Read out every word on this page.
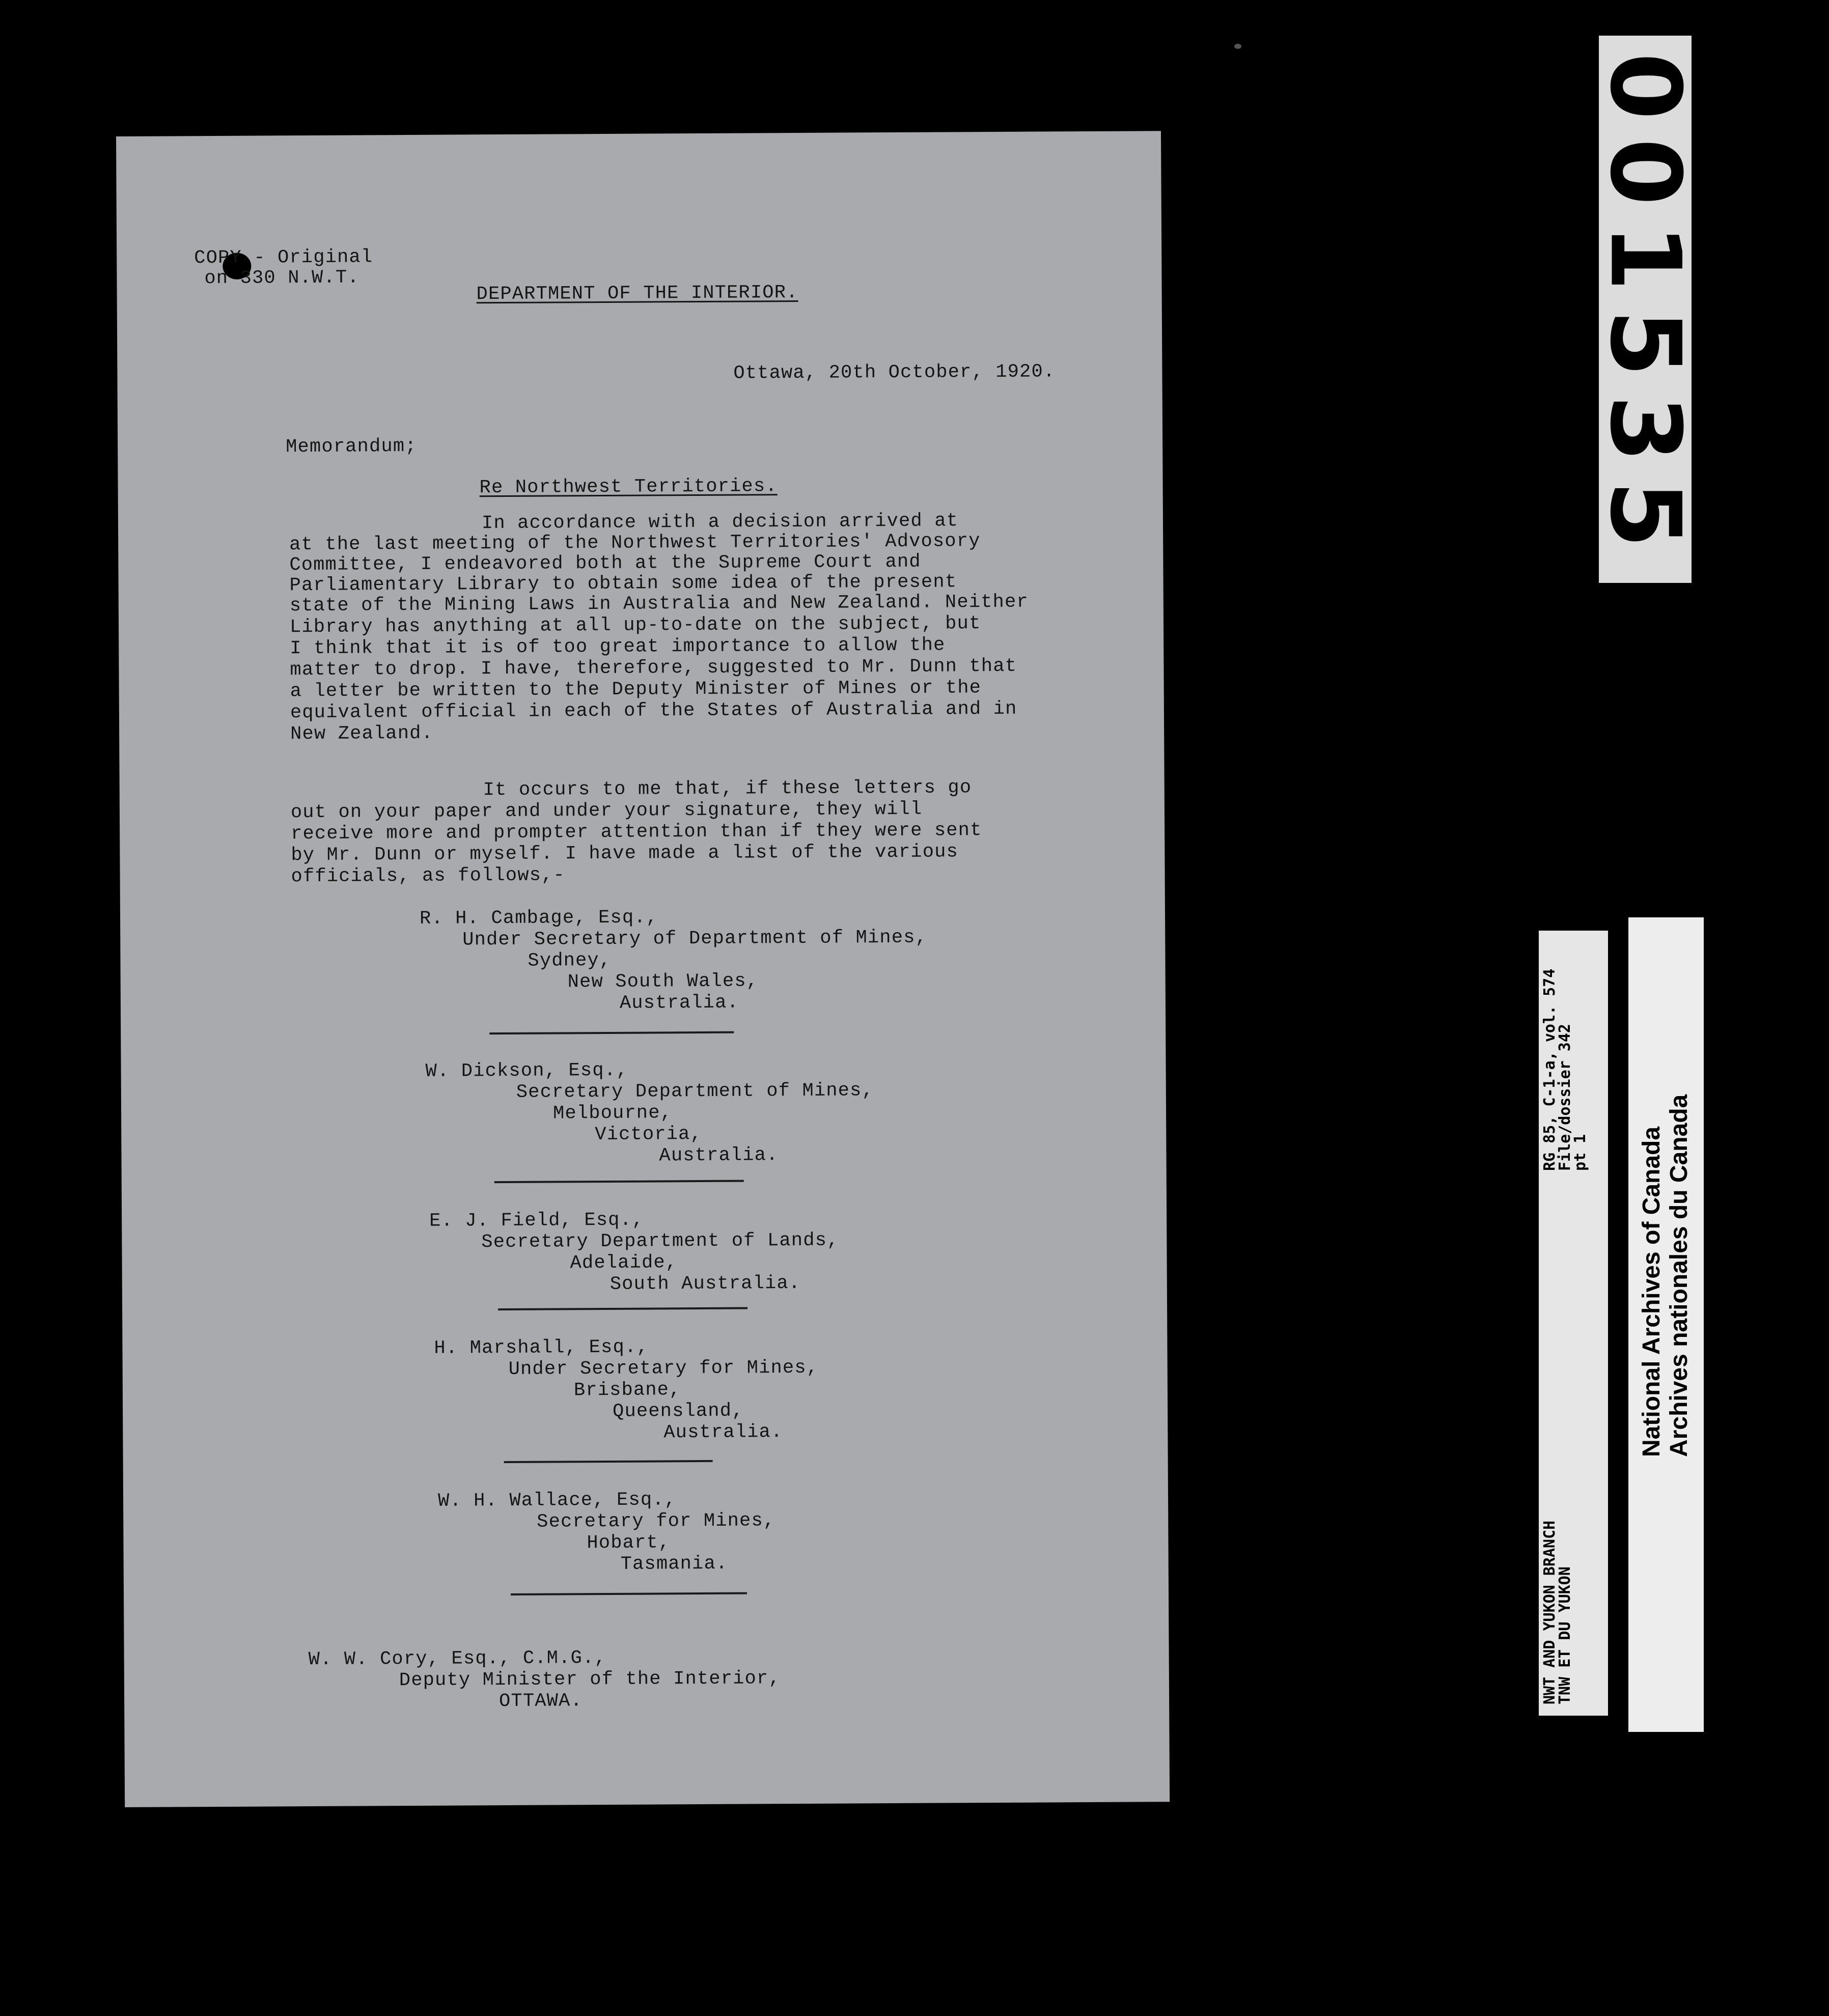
COPY - Original
on 330 N.W.T.
DEPARTMENT OF THE INTERIOR.
Ottawa, 20th October, 1920.
Memorandum;
Re Northwest Territories.
In accordance with a decision arrived at
at the last meeting of the Northwest Territories' Advosory
Committee, I endeavored both at the Supreme Court and
Parliamentary Library to obtain some idea of the present
state of the Mining Laws in Australia and New Zealand. Neither
Library has anything at all up-to-date on the subject, but
I think that it is of too great importance to allow the
matter to drop. I have, therefore, suggested to Mr. Dunn that
a letter be written to the Deputy Minister of Mines or the
equivalent official in each of the States of Australia and in
New Zealand.
It occurs to me that, if these letters go
out on your paper and under your signature, they will
receive more and prompter attention than if they were sent
by Mr. Dunn or myself. I have made a list of the various
officials, as follows,-
R. H. Cambage, Esq.,
Under Secretary of Department of Mines,
Sydney,
New South Wales,
Australia.
W. Dickson, Esq.,
Secretary Department of Mines,
Melbourne,
Victoria,
Australia.
E. J. Field, Esq.,
Secretary Department of Lands,
Adelaide,
South Australia.
H. Marshall, Esq.,
Under Secretary for Mines,
Brisbane,
Queensland,
Australia.
W. H. Wallace, Esq.,
Secretary for Mines,
Hobart,
Tasmania.
W. W. Cory, Esq., C.M.G.,
Deputy Minister of the Interior,
OTTAWA.
001535
NWT AND YUKON BRANCH
TNW ET DU YUKON
RG 85, C-1-a, vol. 574
File/dossier 342
pt 1 National Archives of Canada Archives nationales du Canada
